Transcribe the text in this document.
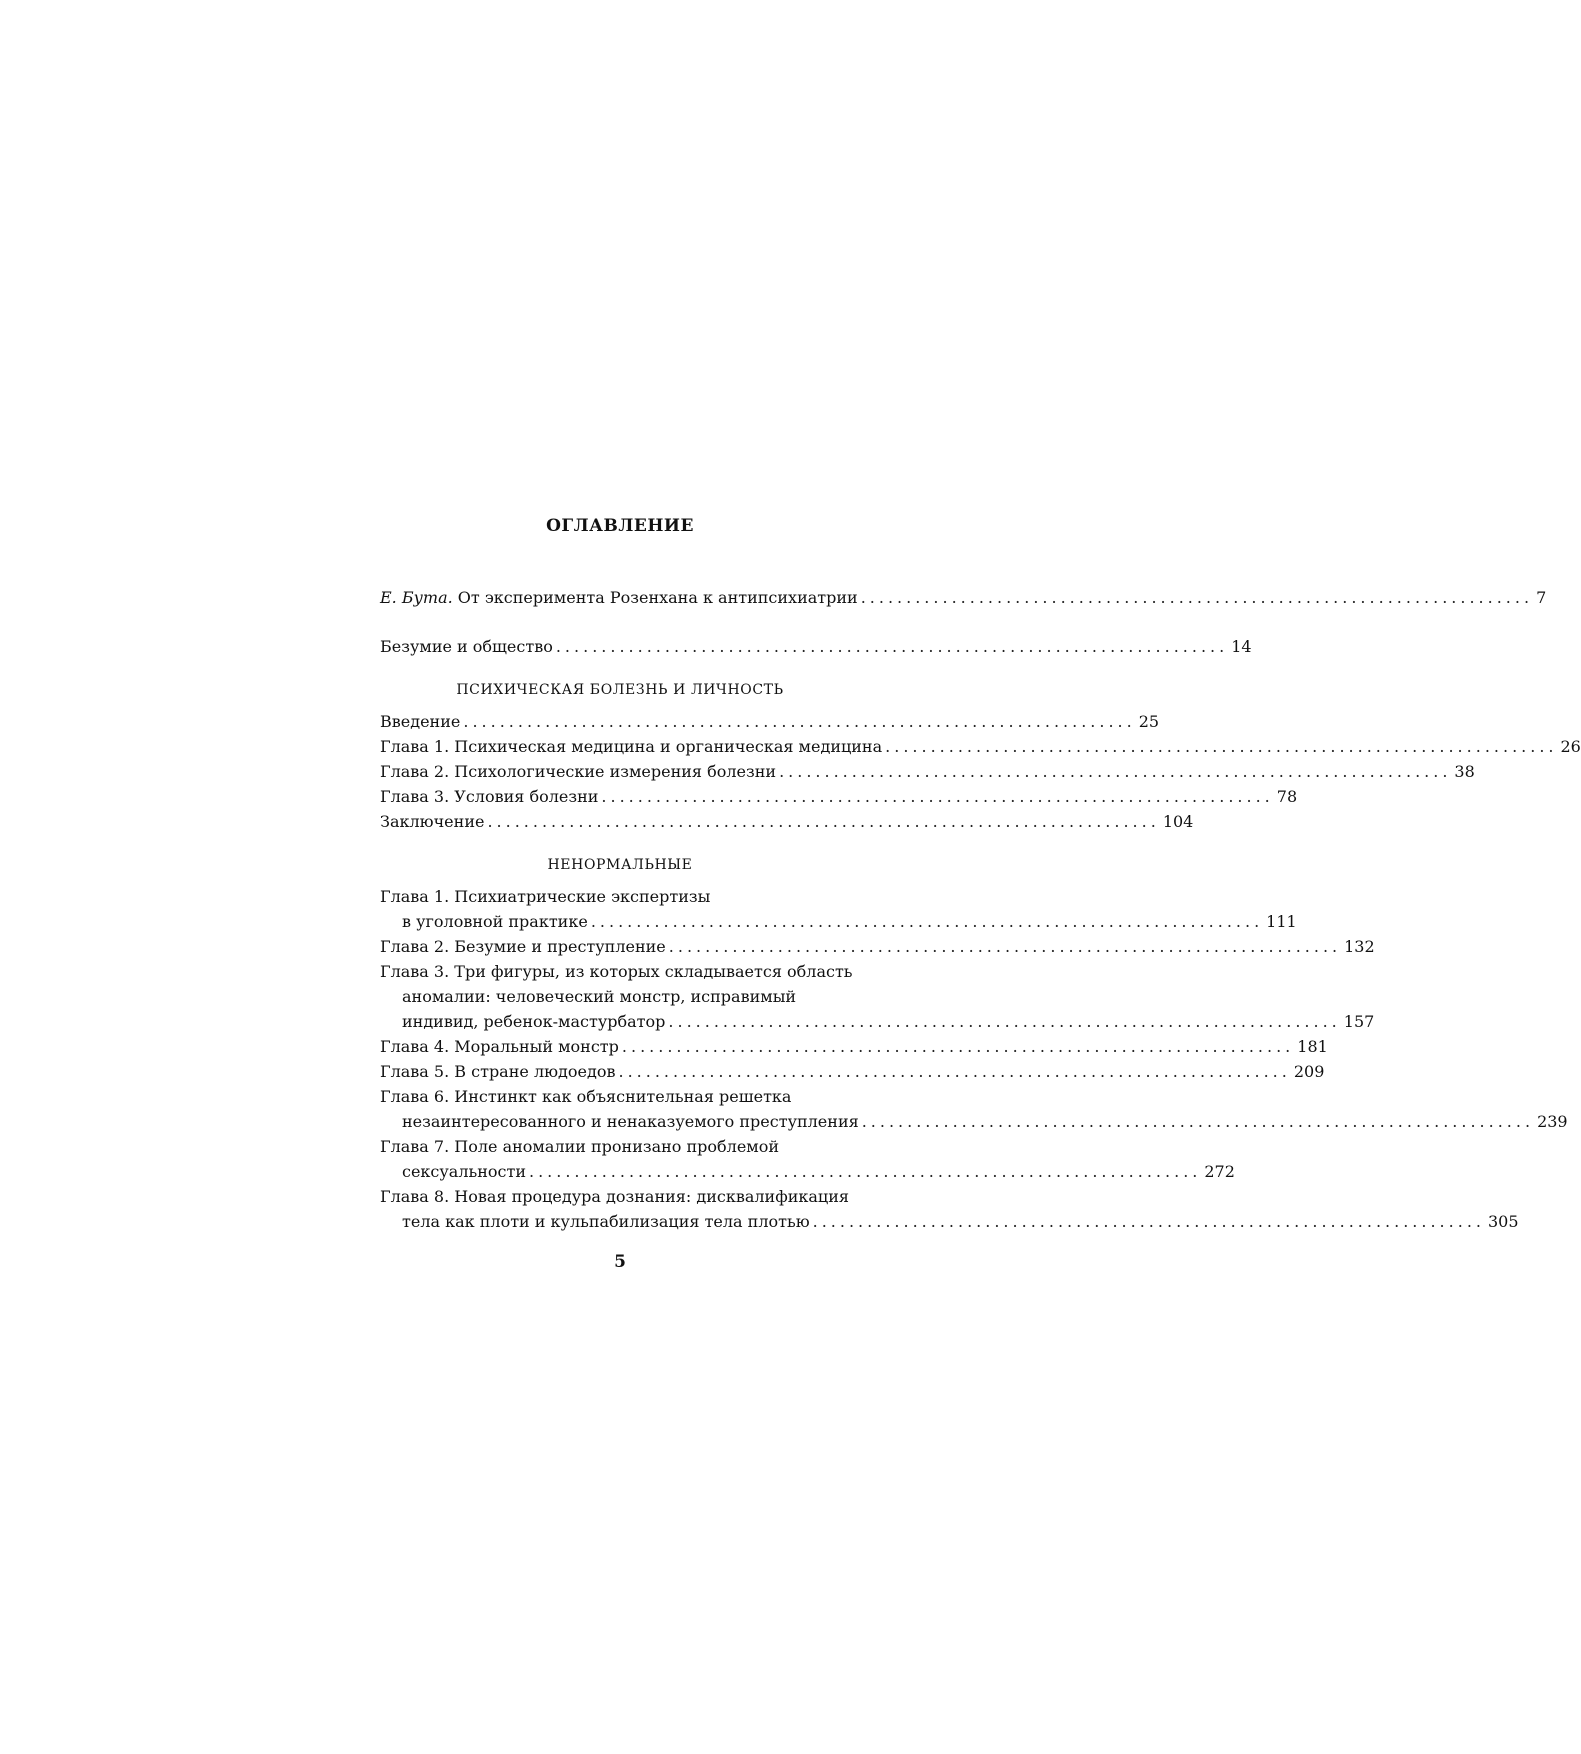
ОГЛАВЛЕНИЕ
Е. Бута. От эксперимента Розенхана к антипсихиатрии .......................................................................... 7
Безумие и общество .......................................................................... 14
ПСИХИЧЕСКАЯ БОЛЕЗНЬ И ЛИЧНОСТЬ
Введение .......................................................................... 25
Глава 1. Психическая медицина и органическая медицина .......................................................................... 26
Глава 2. Психологические измерения болезни .......................................................................... 38
Глава 3. Условия болезни .......................................................................... 78
Заключение .......................................................................... 104
НЕНОРМАЛЬНЫЕ
Глава 1. Психиатрические экспертизы
в уголовной практике .......................................................................... 111
Глава 2. Безумие и преступление .......................................................................... 132
Глава 3. Три фигуры, из которых складывается область
аномалии: человеческий монстр, исправимый
индивид, ребенок-мастурбатор .......................................................................... 157
Глава 4. Моральный монстр .......................................................................... 181
Глава 5. В стране людоедов .......................................................................... 209
Глава 6. Инстинкт как объяснительная решетка
незаинтересованного и ненаказуемого преступления .......................................................................... 239
Глава 7. Поле аномалии пронизано проблемой
сексуальности .......................................................................... 272
Глава 8. Новая процедура дознания: дисквалификация
тела как плоти и кульпабилизация тела плотью .......................................................................... 305
5
